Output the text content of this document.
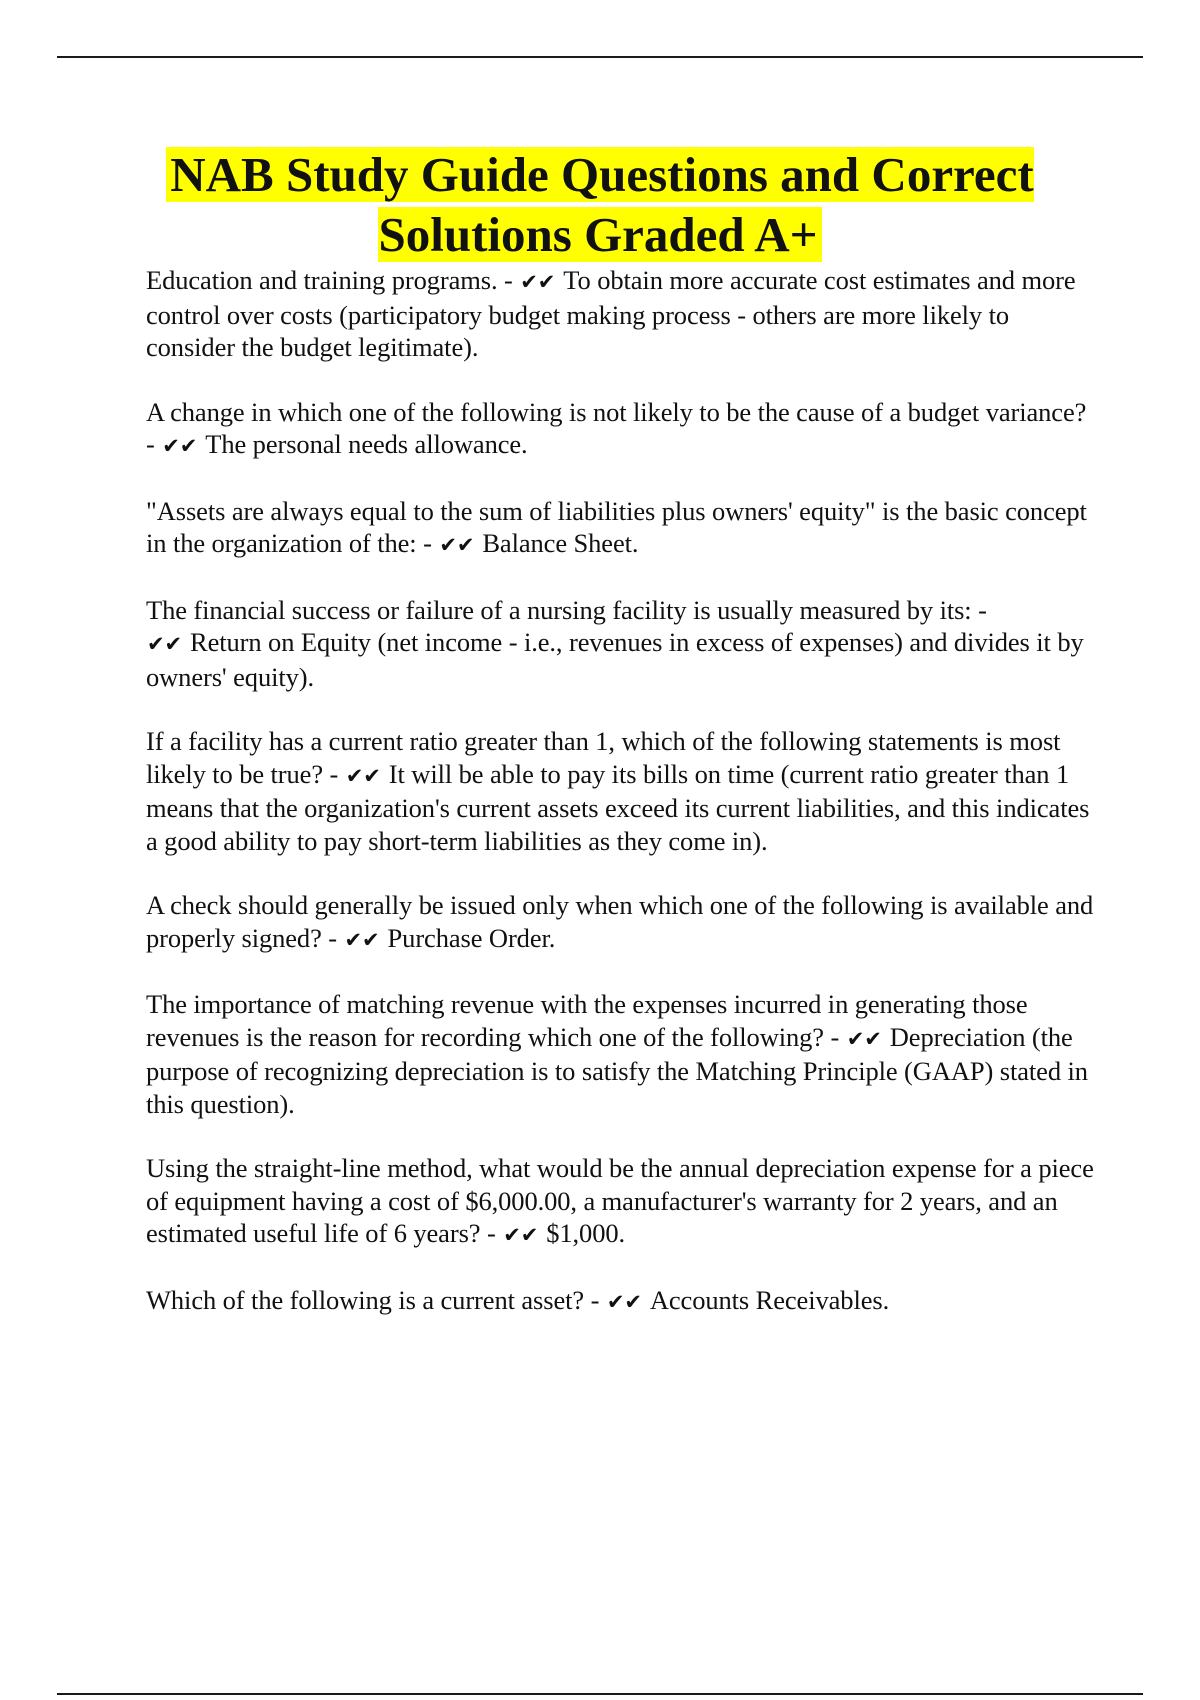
NAB Study Guide Questions and Correct Solutions Graded A+

Education and training programs. - ✔✔ To obtain more accurate cost estimates and more control over costs (participatory budget making process - others are more likely to consider the budget legitimate).

A change in which one of the following is not likely to be the cause of a budget variance? - ✔✔ The personal needs allowance.

"Assets are always equal to the sum of liabilities plus owners' equity" is the basic concept in the organization of the: - ✔✔ Balance Sheet.

The financial success or failure of a nursing facility is usually measured by its: - ✔✔ Return on Equity (net income - i.e., revenues in excess of expenses) and divides it by owners' equity).

If a facility has a current ratio greater than 1, which of the following statements is most likely to be true? - ✔✔ It will be able to pay its bills on time (current ratio greater than 1 means that the organization's current assets exceed its current liabilities, and this indicates a good ability to pay short-term liabilities as they come in).

A check should generally be issued only when which one of the following is available and properly signed? - ✔✔ Purchase Order.

The importance of matching revenue with the expenses incurred in generating those revenues is the reason for recording which one of the following? - ✔✔ Depreciation (the purpose of recognizing depreciation is to satisfy the Matching Principle (GAAP) stated in this question).

Using the straight-line method, what would be the annual depreciation expense for a piece of equipment having a cost of $6,000.00, a manufacturer's warranty for 2 years, and an estimated useful life of 6 years? - ✔✔ $1,000.

Which of the following is a current asset? - ✔✔ Accounts Receivables.
